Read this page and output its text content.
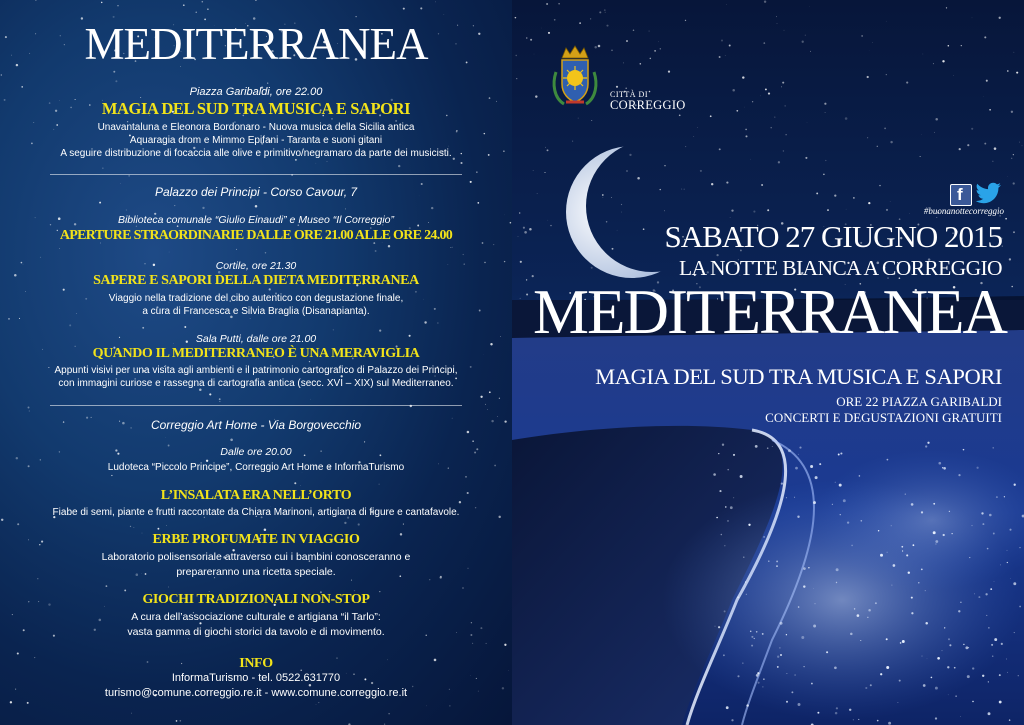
MEDITERRANEA
Piazza Garibaldi, ore 22.00
MAGIA DEL SUD TRA MUSICA E SAPORI
Unavantaluna e Eleonora Bordonaro - Nuova musica della Sicilia antica
Aquaragia drom e Mimmo Epifani - Taranta e suoni gitani
A seguire distribuzione di focaccia alle olive e primitivo/negramaro da parte dei musicisti.
Palazzo dei Principi - Corso Cavour, 7
Biblioteca comunale “Giulio Einaudi” e Museo “Il Correggio”
APERTURE STRAORDINARIE DALLE ORE 21.00 ALLE ORE 24.00
Cortile, ore 21.30
SAPERE E SAPORI DELLA DIETA MEDITERRANEA
Viaggio nella tradizione del cibo autentico con degustazione finale,
a cura di Francesca e Silvia Braglia (Disanapianta).
Sala Putti, dalle ore 21.00
QUANDO IL MEDITERRANEO È UNA MERAVIGLIA
Appunti visivi per una visita agli ambienti e il patrimonio cartografico di Palazzo dei Principi,
con immagini curiose e rassegna di cartografia antica (secc. XVI – XIX) sul Mediterraneo.
Correggio Art Home - Via Borgovecchio
Dalle ore 20.00
Ludoteca “Piccolo Principe”, Correggio Art Home e InformaTurismo
L’INSALATA ERA NELL’ORTO
Fiabe di semi, piante e frutti raccontate da Chiara Marinoni, artigiana di figure e cantafavole.
ERBE PROFUMATE IN VIAGGIO
Laboratorio polisensoriale attraverso cui i bambini conosceranno e
prepareranno una ricetta speciale.
GIOCHI TRADIZIONALI NON-STOP
A cura dell’associazione culturale e artigiana “il Tarlo”:
vasta gamma di giochi storici da tavolo e di movimento.
INFO
InformaTurismo - tel. 0522.631770
turismo@comune.correggio.re.it - www.comune.correggio.re.it
CITTÀ DI
CORREGGIO
f
#buonanottecorreggio
SABATO 27 GIUGNO 2015
LA NOTTE BIANCA A CORREGGIO
MEDITERRANEA
MAGIA DEL SUD TRA MUSICA E SAPORI
ORE 22 PIAZZA GARIBALDI
CONCERTI E DEGUSTAZIONI GRATUITI
